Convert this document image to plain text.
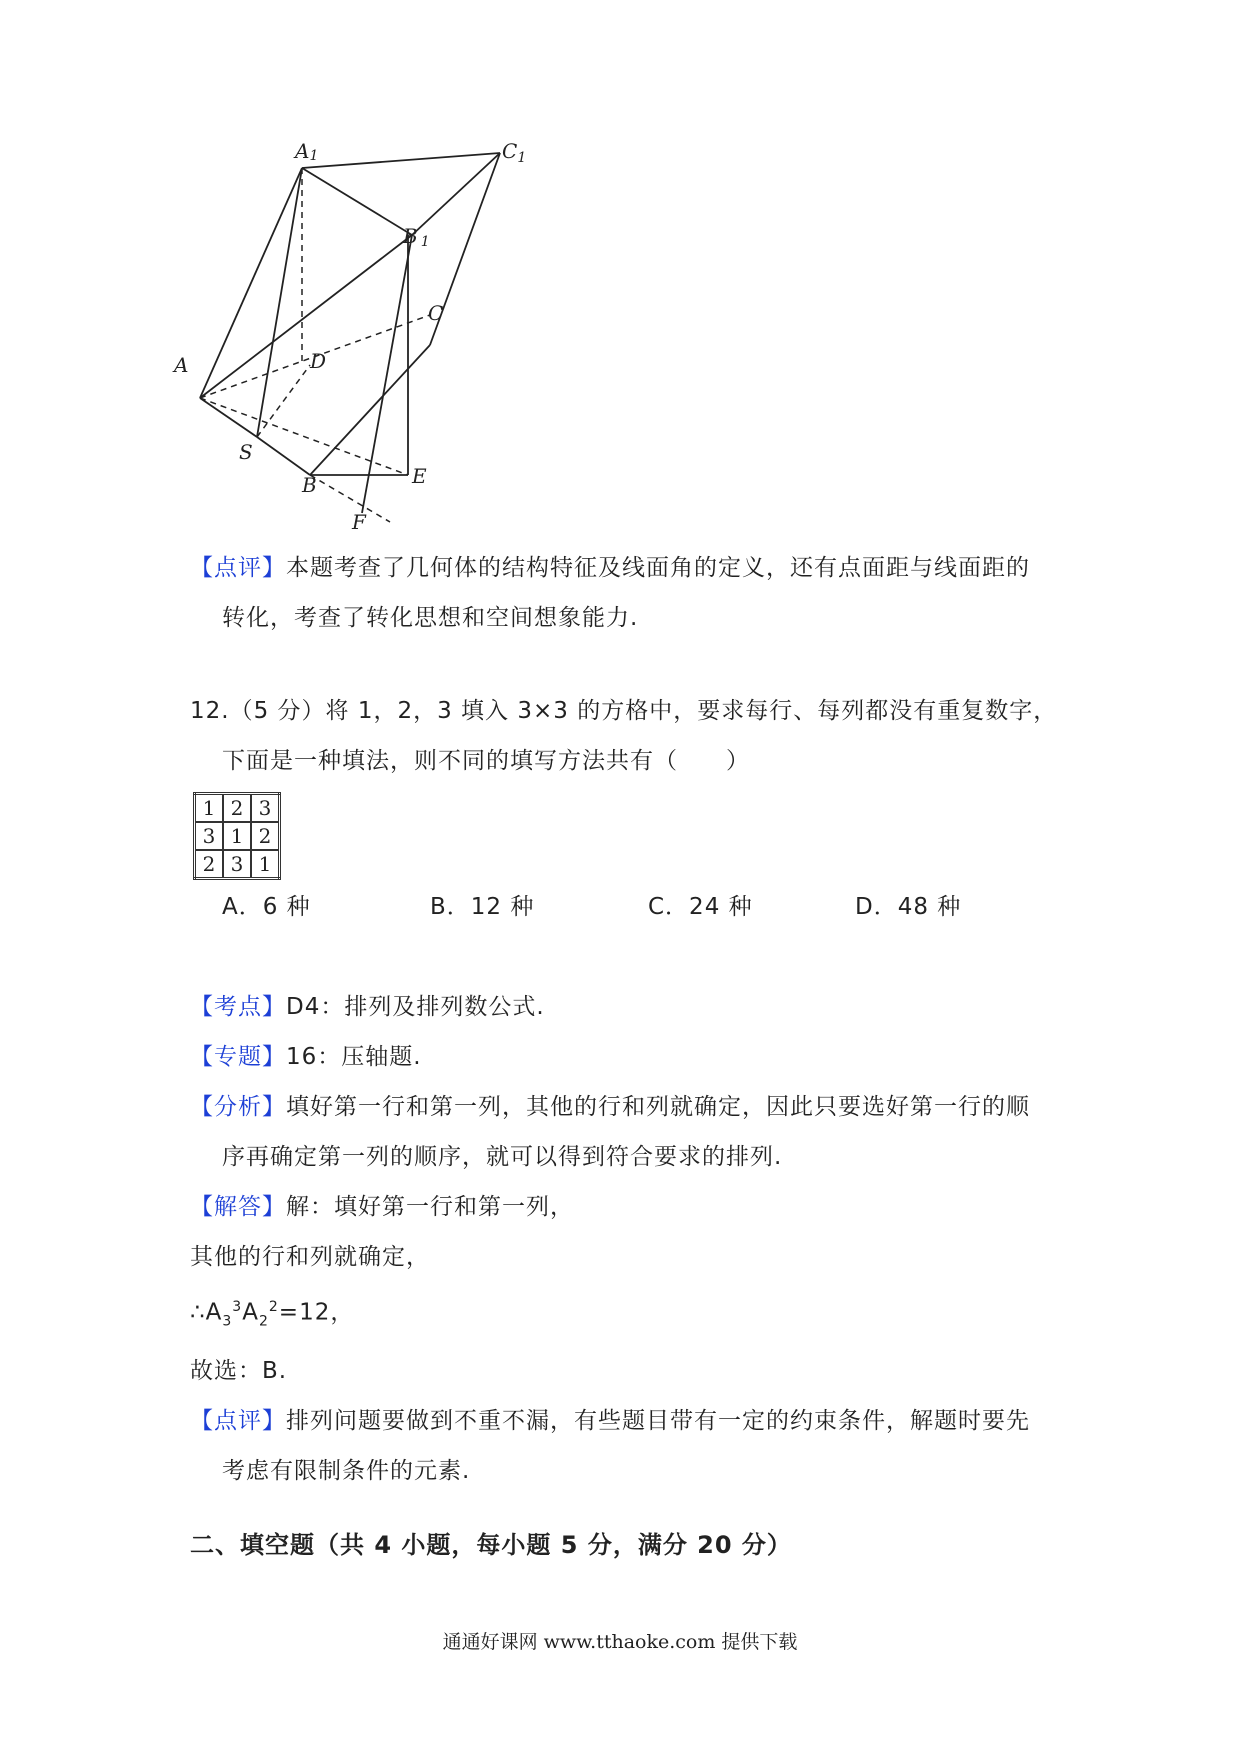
A1	$C_1$
B 1
C
A	D
S
B	E
F
【点评】本题考查了几何体的结构特征及线面角的定义，还有点面距与线面距的
转化，考查了转化思想和空间想象能力.
12.（5 分）将 1，2，3 填入 3×3 的方格中，要求每行、每列都没有重复数字，
下面是一种填法，则不同的填写方法共有（　　）
1	2	3
3	1	2
2	3	1
A．6 种	B．12 种	C．24 种	D．48 种
【考点】D4：排列及排列数公式.
【专题】16：压轴题.
【分析】填好第一行和第一列，其他的行和列就确定，因此只要选好第一行的顺
序再确定第一列的顺序，就可以得到符合要求的排列.
【解答】解：填好第一行和第一列，
其他的行和列就确定，
$\therefore A_3^3A_2^2=12$，
故选：B.
【点评】排列问题要做到不重不漏，有些题目带有一定的约束条件，解题时要先
考虑有限制条件的元素.
二、填空题（共 4 小题，每小题 5 分，满分 20 分）
通通好课网 www.tthaoke.com 提供下载
